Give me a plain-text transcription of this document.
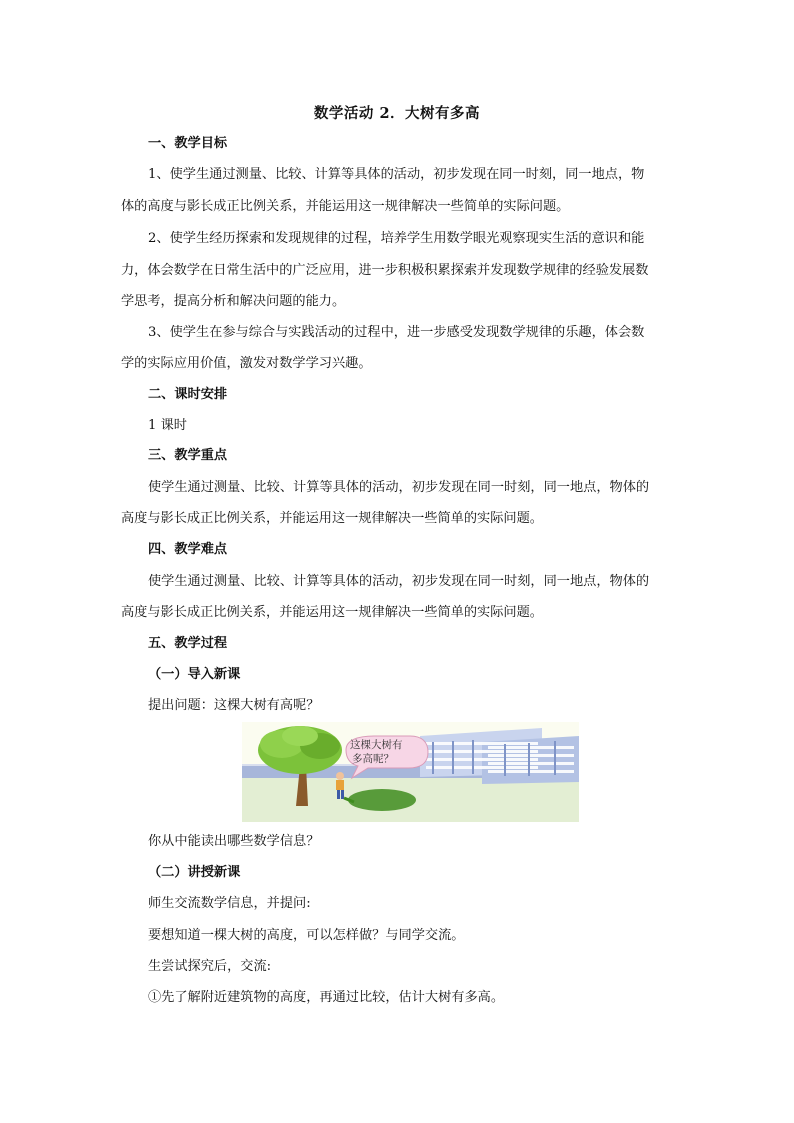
数学活动 2．大树有多高
一、教学目标
1、使学生通过测量、比较、计算等具体的活动，初步发现在同一时刻，同一地点，物
体的高度与影长成正比例关系，并能运用这一规律解决一些简单的实际问题。
2、使学生经历探索和发现规律的过程，培养学生用数学眼光观察现实生活的意识和能
力，体会数学在日常生活中的广泛应用，进一步积极积累探索并发现数学规律的经验发展数
学思考，提高分析和解决问题的能力。
3、使学生在参与综合与实践活动的过程中，进一步感受发现数学规律的乐趣，体会数
学的实际应用价值，激发对数学学习兴趣。
二、课时安排
1 课时
三、教学重点
使学生通过测量、比较、计算等具体的活动，初步发现在同一时刻，同一地点，物体的
高度与影长成正比例关系，并能运用这一规律解决一些简单的实际问题。
四、教学难点
使学生通过测量、比较、计算等具体的活动，初步发现在同一时刻，同一地点，物体的
高度与影长成正比例关系，并能运用这一规律解决一些简单的实际问题。
五、教学过程
（一）导入新课
提出问题：这棵大树有高呢？
这棵大树有
多高呢？
你从中能读出哪些数学信息？
（二）讲授新课
师生交流数学信息，并提问:
要想知道一棵大树的高度，可以怎样做？与同学交流。
生尝试探究后，交流:
①先了解附近建筑物的高度，再通过比较，估计大树有多高。
